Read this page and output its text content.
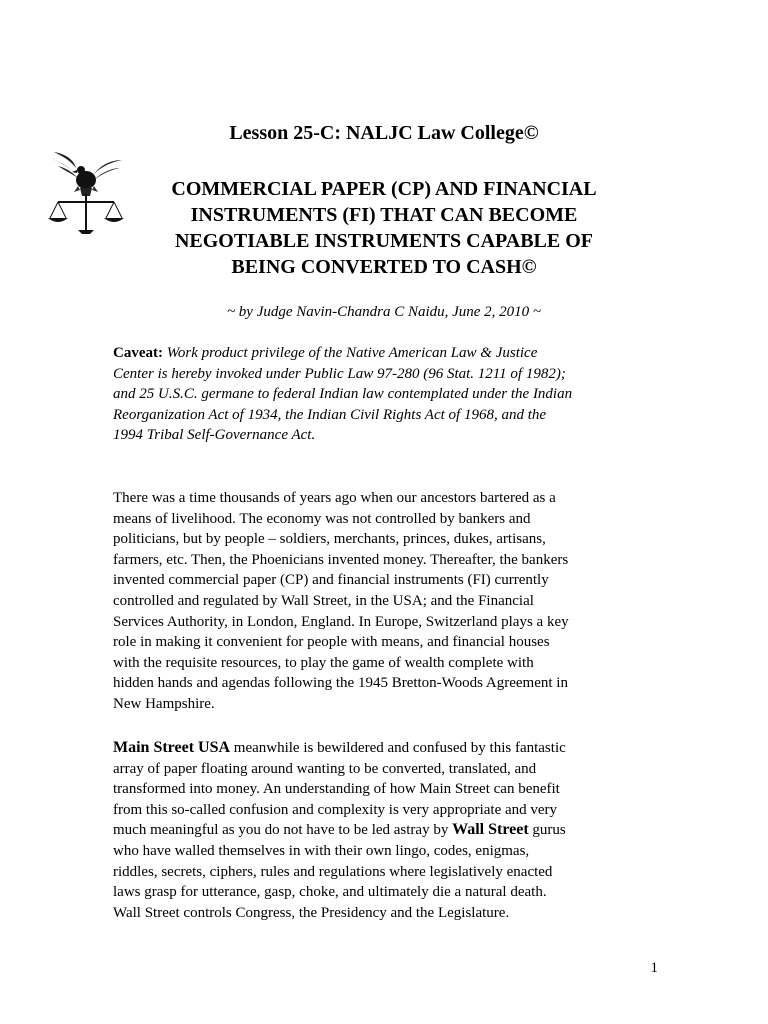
Lesson 25-C: NALJC Law College©
COMMERCIAL PAPER (CP) AND FINANCIAL
INSTRUMENTS (FI) THAT CAN BECOME
NEGOTIABLE INSTRUMENTS CAPABLE OF
BEING CONVERTED TO CASH©

~ by Judge Navin-Chandra C Naidu, June 2, 2010 ~

Caveat: Work product privilege of the Native American Law & Justice
Center is hereby invoked under Public Law 97-280 (96 Stat. 1211 of 1982);
and 25 U.S.C. germane to federal Indian law contemplated under the Indian
Reorganization Act of 1934, the Indian Civil Rights Act of 1968, and the
1994 Tribal Self-Governance Act.
There was a time thousands of years ago when our ancestors bartered as a
means of livelihood. The economy was not controlled by bankers and
politicians, but by people – soldiers, merchants, princes, dukes, artisans,
farmers, etc. Then, the Phoenicians invented money. Thereafter, the bankers
invented commercial paper (CP) and financial instruments (FI) currently
controlled and regulated by Wall Street, in the USA; and the Financial
Services Authority, in London, England. In Europe, Switzerland plays a key
role in making it convenient for people with means, and financial houses
with the requisite resources, to play the game of wealth complete with
hidden hands and agendas following the 1945 Bretton-Woods Agreement in
New Hampshire.
Main Street USA meanwhile is bewildered and confused by this fantastic
array of paper floating around wanting to be converted, translated, and
transformed into money. An understanding of how Main Street can benefit
from this so-called confusion and complexity is very appropriate and very
much meaningful as you do not have to be led astray by Wall Street gurus
who have walled themselves in with their own lingo, codes, enigmas,
riddles, secrets, ciphers, rules and regulations where legislatively enacted
laws grasp for utterance, gasp, choke, and ultimately die a natural death.
Wall Street controls Congress, the Presidency and the Legislature.

1
